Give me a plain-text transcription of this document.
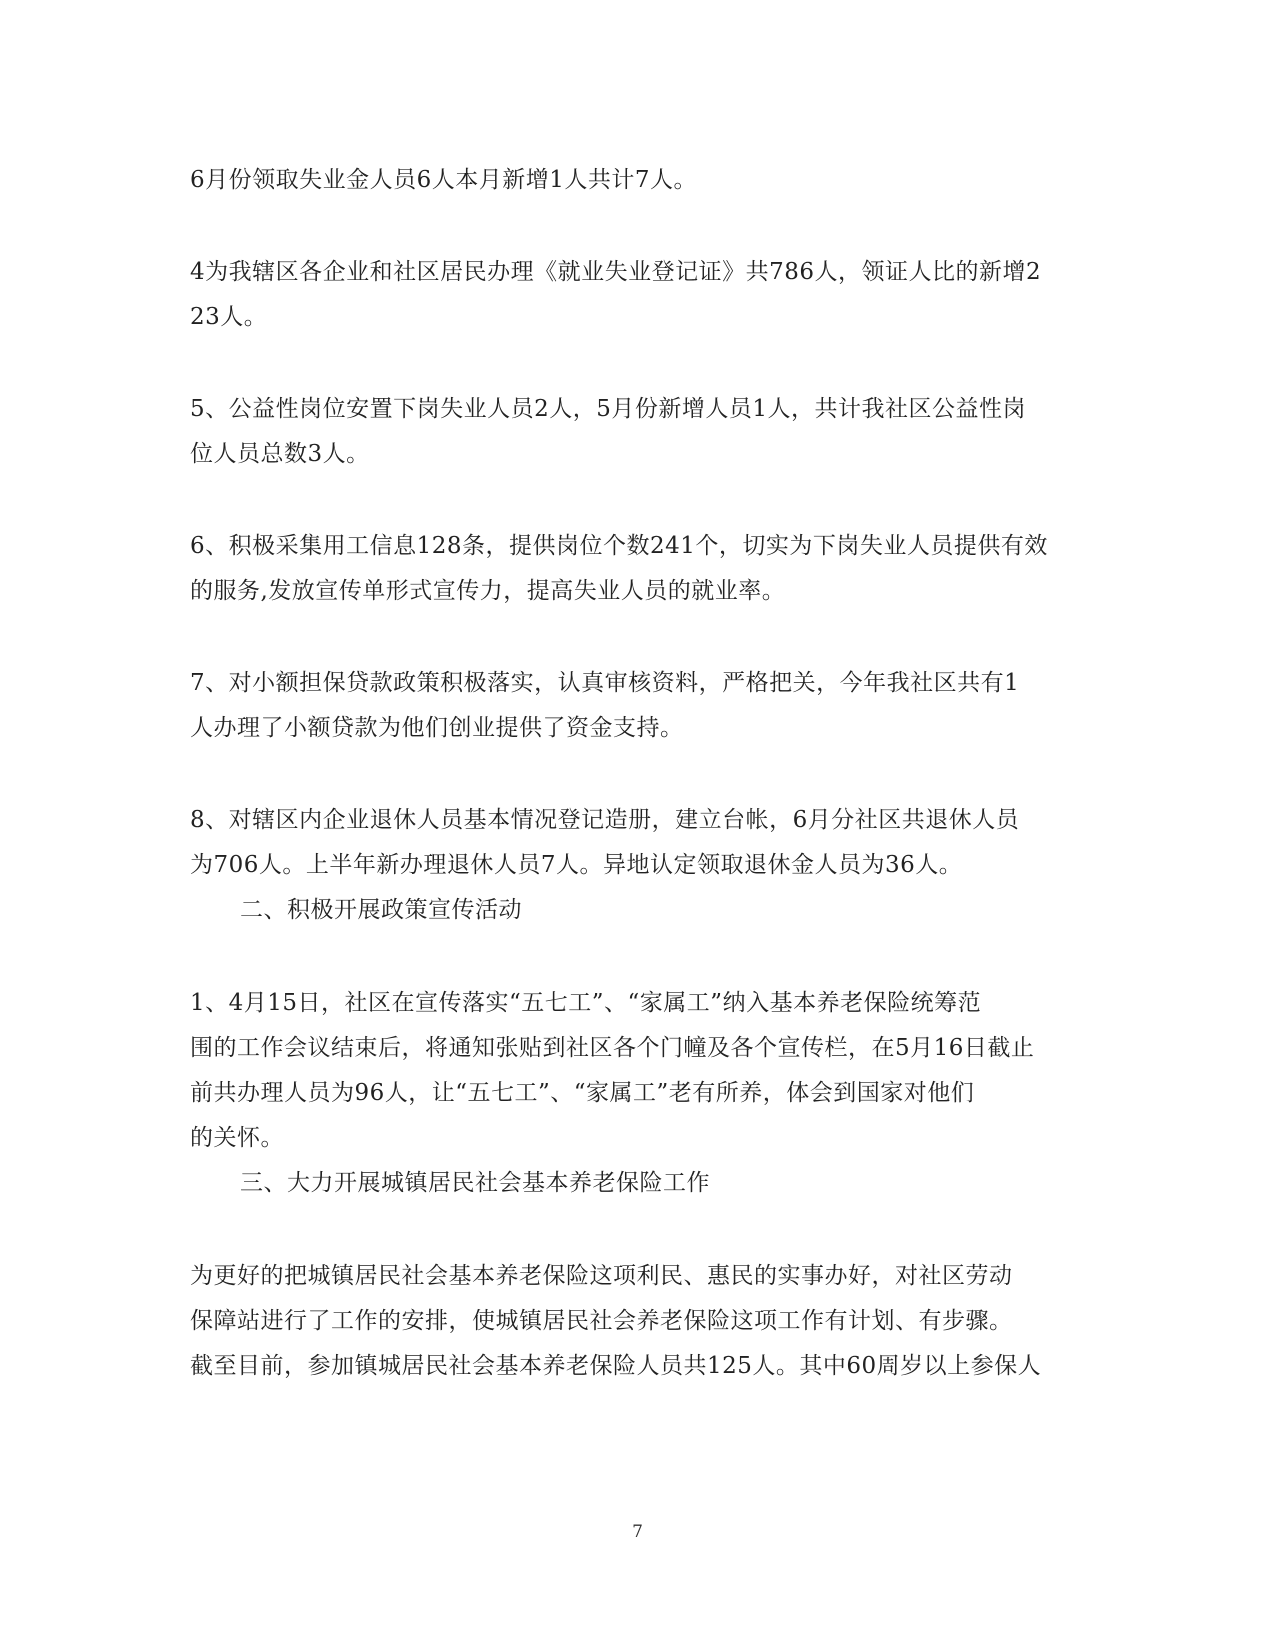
6月份领取失业金人员6人本月新增1人共计7人。
4为我辖区各企业和社区居民办理《就业失业登记证》共786人，领证人比的新增2
23人。
5、公益性岗位安置下岗失业人员2人，5月份新增人员1人，共计我社区公益性岗
位人员总数3人。
6、积极采集用工信息128条，提供岗位个数241个，切实为下岗失业人员提供有效
的服务,发放宣传单形式宣传力，提高失业人员的就业率。
7、对小额担保贷款政策积极落实，认真审核资料，严格把关，今年我社区共有1
人办理了小额贷款为他们创业提供了资金支持。
8、对辖区内企业退休人员基本情况登记造册，建立台帐，6月分社区共退休人员
为706人。上半年新办理退休人员7人。异地认定领取退休金人员为36人。
二、积极开展政策宣传活动
1、4月15日，社区在宣传落实“五七工”、“家属工”纳入基本养老保险统筹范
围的工作会议结束后，将通知张贴到社区各个门幢及各个宣传栏，在5月16日截止
前共办理人员为96人，让“五七工”、“家属工”老有所养，体会到国家对他们
的关怀。
三、大力开展城镇居民社会基本养老保险工作
为更好的把城镇居民社会基本养老保险这项利民、惠民的实事办好，对社区劳动
保障站进行了工作的安排，使城镇居民社会养老保险这项工作有计划、有步骤。
截至目前，参加镇城居民社会基本养老保险人员共125人。其中60周岁以上参保人
7
